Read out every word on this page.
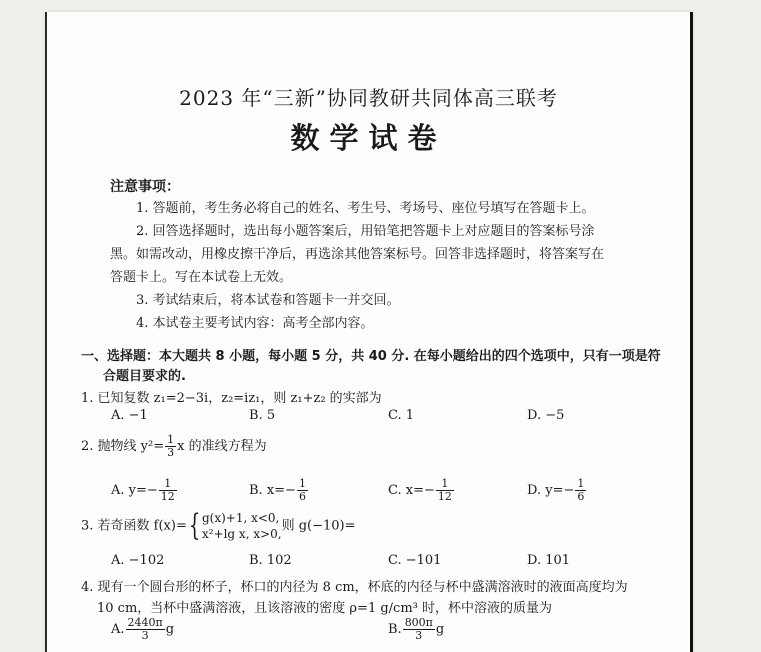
2023 年“三新”协同教研共同体高三联考
数学试卷
注意事项：
1. 答题前，考生务必将自己的姓名、考生号、考场号、座位号填写在答题卡上。
2. 回答选择题时，选出每小题答案后，用铅笔把答题卡上对应题目的答案标号涂
黑。如需改动，用橡皮擦干净后，再选涂其他答案标号。回答非选择题时，将答案写在
答题卡上。写在本试卷上无效。
3. 考试结束后，将本试卷和答题卡一并交回。
4. 本试卷主要考试内容：高考全部内容。
一、选择题：本大题共 8 小题，每小题 5 分，共 40 分. 在每小题给出的四个选项中，只有一项是符
合题目要求的.
1. 已知复数 z₁=2−3i，z₂=iz₁，则 z₁+z₂ 的实部为
A. −1	B. 5	C. 1	D. −5
2. 抛物线 $y^2= \frac{1}{3}$ x 的准线方程为
A. $y=- \frac{1}{12}$	B. $x=- \frac{1}{6}$	C. $x=- \frac{1}{12}$	D. $y=- \frac{1}{6}$
3. 若奇函数 f(x)={ g(x)+1, x<0,
x²+lg x, x>0,
则 g(−10)=
A. −102	B. 102	C. −101	D. 101
4. 现有一个圆台形的杯子，杯口的内径为 8 cm，杯底的内径与杯中盛满溶液时的液面高度均为
10 cm，当杯中盛满溶液，且该溶液的密度 ρ=1 g/cm³ 时，杯中溶液的质量为
A. $\frac{2440\pi}{3}$ g	B. $\frac{800\pi}{3}$ g
